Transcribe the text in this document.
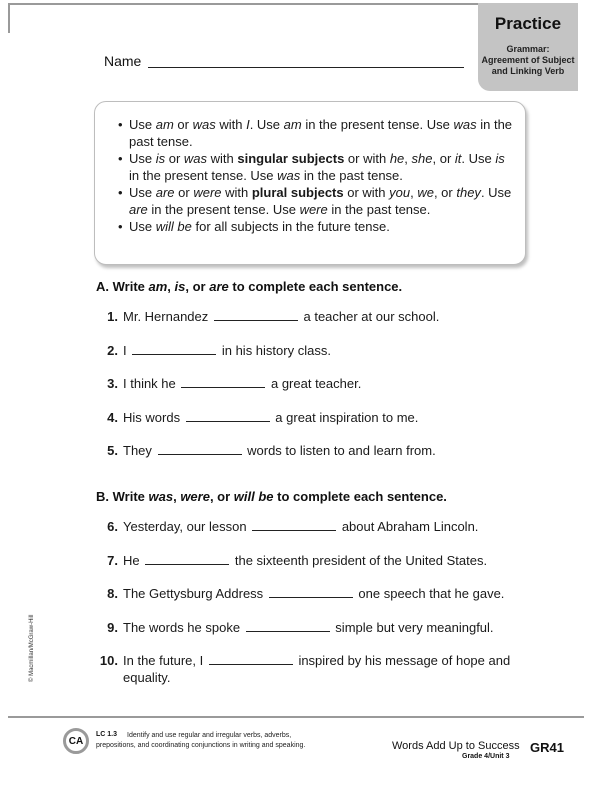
Practice
Grammar:
Agreement of Subject
and Linking Verb
Name
• Use am or was with I. Use am in the present tense. Use was in the past tense.
• Use is or was with singular subjects or with he, she, or it. Use is in the present tense. Use was in the past tense.
• Use are or were with plural subjects or with you, we, or they. Use are in the present tense. Use were in the past tense.
• Use will be for all subjects in the future tense.
A. Write am, is, or are to complete each sentence.
1. Mr. Hernandez	a teacher at our school.
2. I	in his history class.
3. I think he	a great teacher.
4. His words	a great inspiration to me.
5. They	words to listen to and learn from.
B. Write was, were, or will be to complete each sentence.
6. Yesterday, our lesson	about Abraham Lincoln.
7. He	the sixteenth president of the United States.
8. The Gettysburg Address	one speech that he gave.
9. The words he spoke	simple but very meaningful.
10. In the future, I	inspired by his message of hope and
equality.
© Macmillan/McGraw-Hill
CA
LC 1.3 Identify and use regular and irregular verbs, adverbs,
prepositions, and coordinating conjunctions in writing and speaking.	Words Add Up to Success
Grade 4/Unit 3
GR41
